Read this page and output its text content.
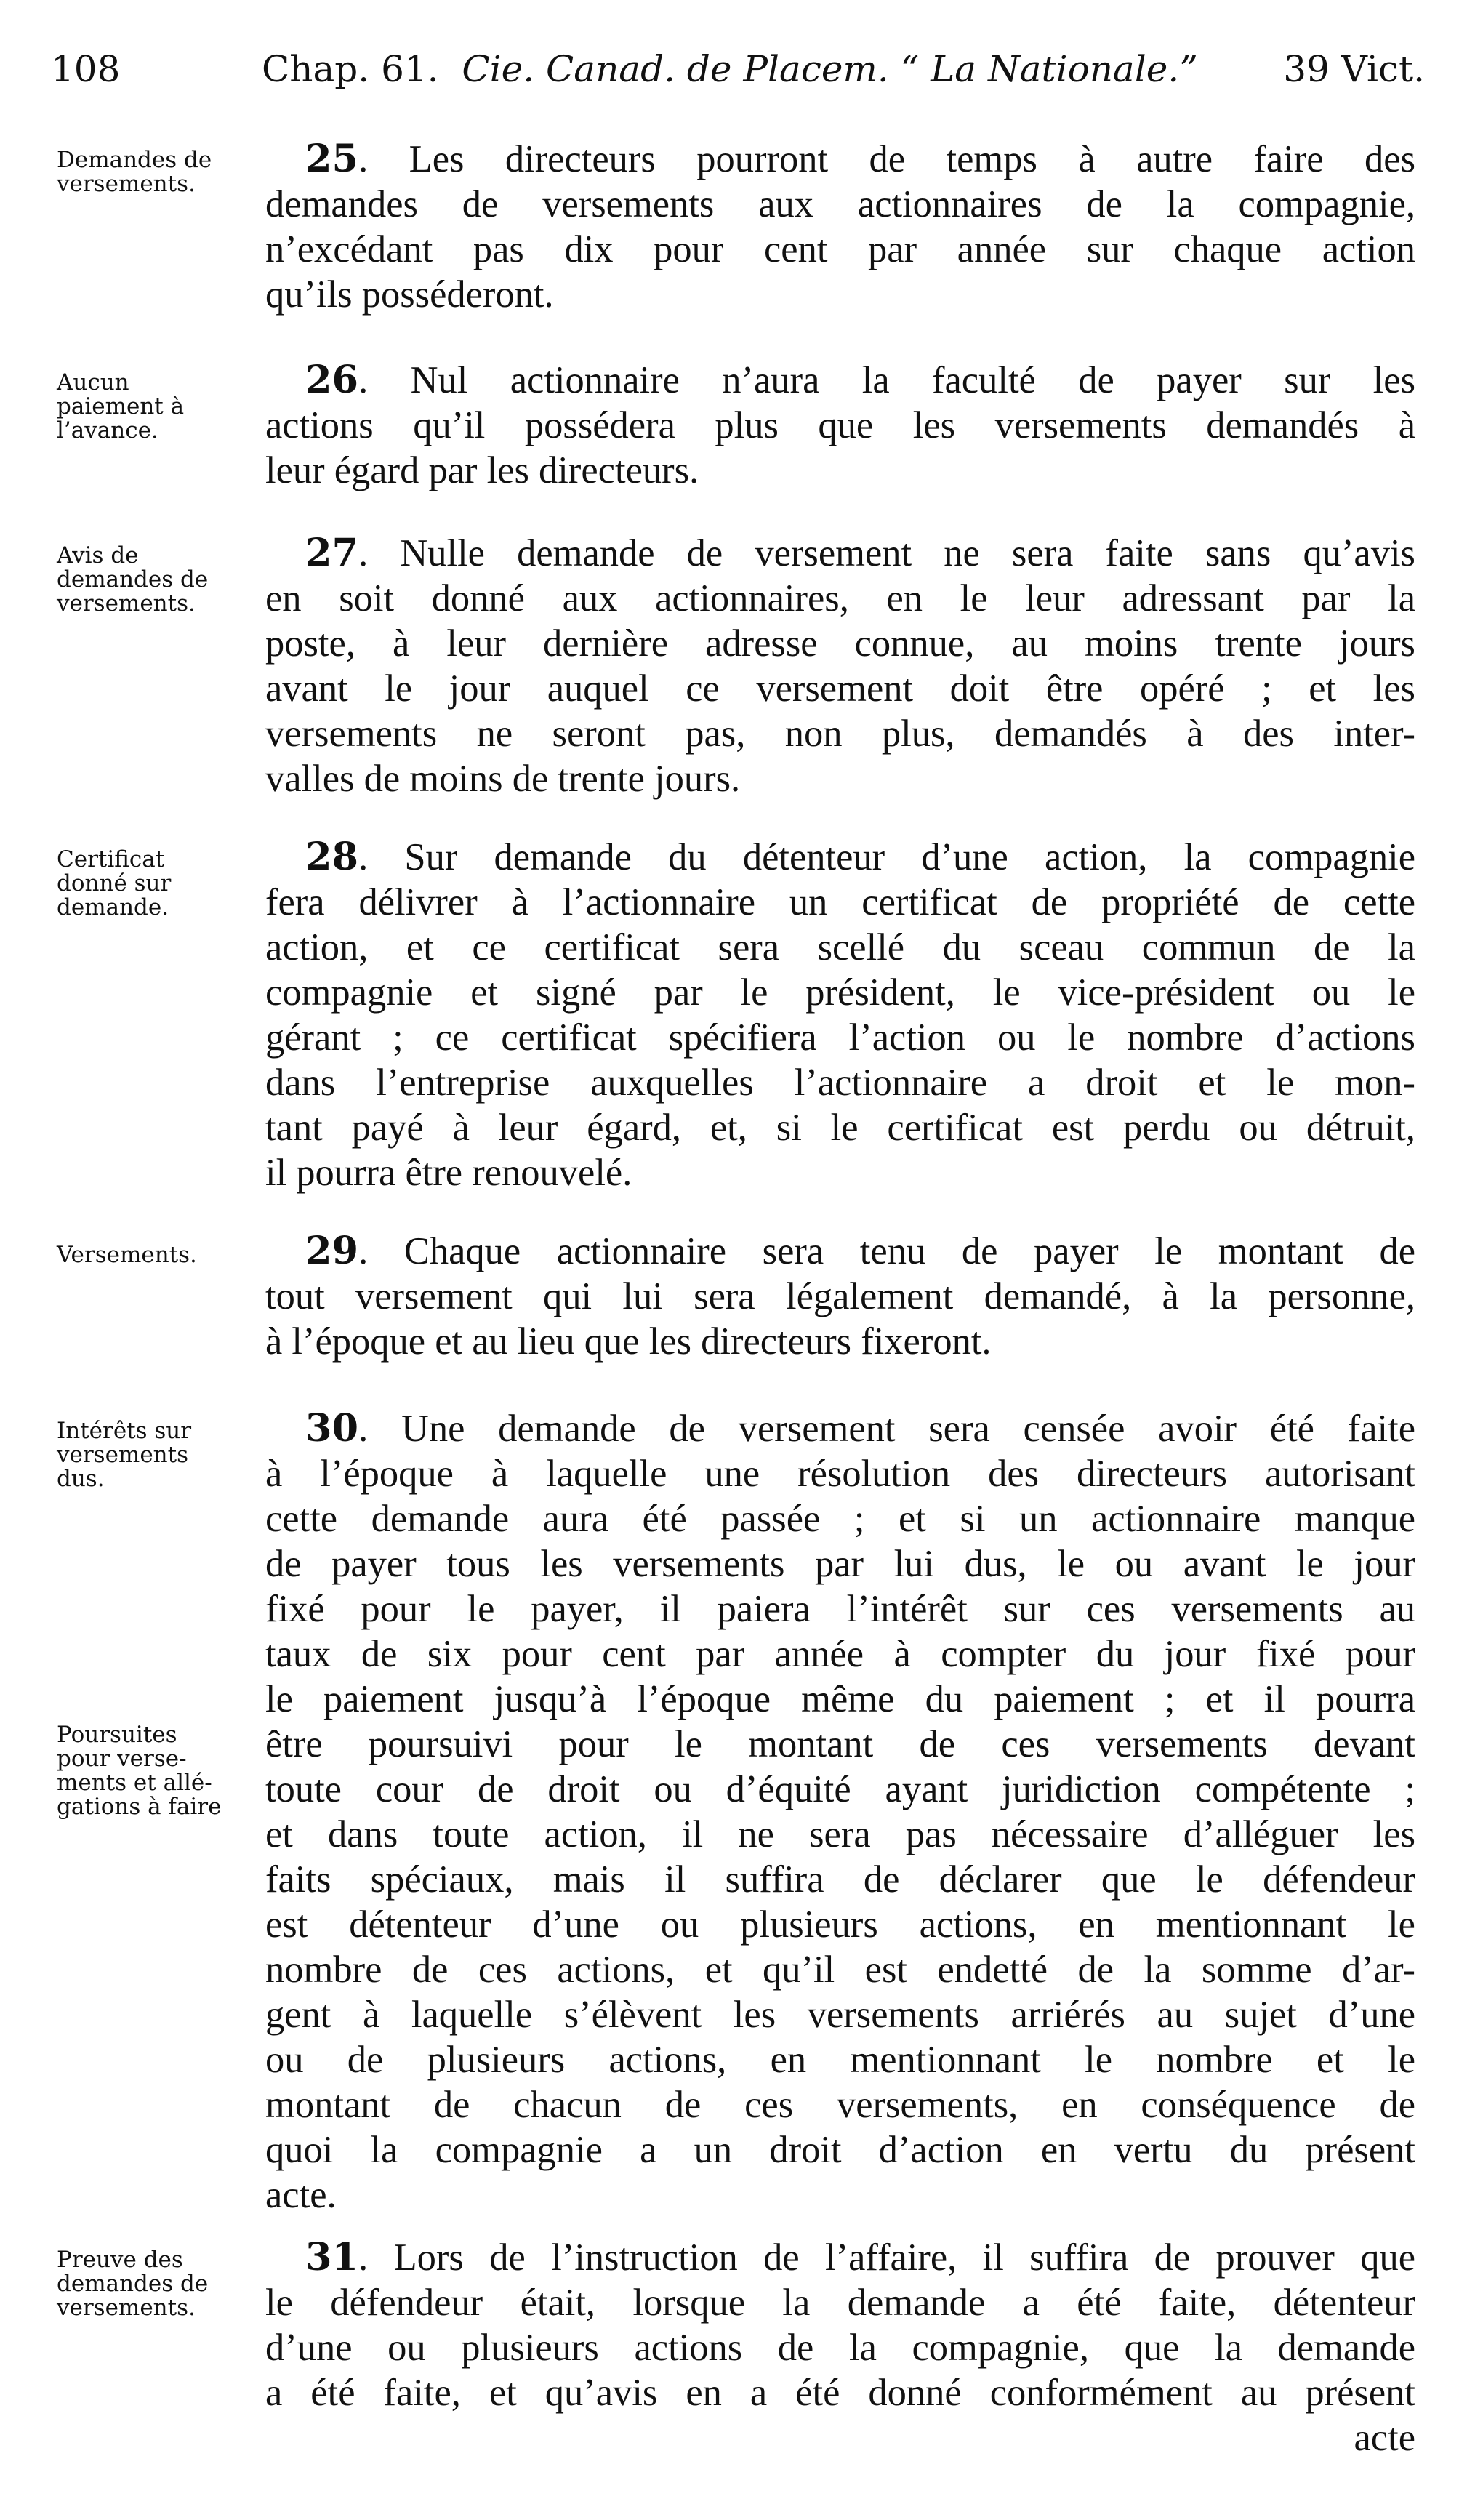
108	Chap. 61. Cie. Canad. de Placem. “ La Nationale.” 39 Vict.
Demandes de
versements.
25. Les directeurs pourront de temps à autre faire des
demandes de versements aux actionnaires de la compagnie,
n’excédant pas dix pour cent par année sur chaque action
qu’ils posséderont.
Aucun
paiement à
l’avance.
26. Nul actionnaire n’aura la faculté de payer sur les
actions qu’il possédera plus que les versements demandés à
leur égard par les directeurs.
Avis de
demandes de
versements.
27. Nulle demande de versement ne sera faite sans qu’avis
en soit donné aux actionnaires, en le leur adressant par la
poste, à leur dernière adresse connue, au moins trente jours
avant le jour auquel ce versement doit être opéré ; et les
versements ne seront pas, non plus, demandés à des inter-
valles de moins de trente jours.
Certificat
donné sur
demande.
28. Sur demande du détenteur d’une action, la compagnie
fera délivrer à l’actionnaire un certificat de propriété de cette
action, et ce certificat sera scellé du sceau commun de la
compagnie et signé par le président, le vice-président ou le
gérant ; ce certificat spécifiera l’action ou le nombre d’actions
dans l’entreprise auxquelles l’actionnaire a droit et le mon-
tant payé à leur égard, et, si le certificat est perdu ou détruit,
il pourra être renouvelé.
Versements.	29. Chaque actionnaire sera tenu de payer le montant de
tout versement qui lui sera légalement demandé, à la personne,
à l’époque et au lieu que les directeurs fixeront.
Intérêts sur
versements
dus.
Poursuites
pour verse-
ments et allé-
gations à faire
30. Une demande de versement sera censée avoir été faite
à l’époque à laquelle une résolution des directeurs autorisant
cette demande aura été passée ; et si un actionnaire manque
de payer tous les versements par lui dus, le ou avant le jour
fixé pour le payer, il paiera l’intérêt sur ces versements au
taux de six pour cent par année à compter du jour fixé pour
le paiement jusqu’à l’époque même du paiement ; et il pourra
être poursuivi pour le montant de ces versements devant
toute cour de droit ou d’équité ayant juridiction compétente ;
et dans toute action, il ne sera pas nécessaire d’alléguer les
faits spéciaux, mais il suffira de déclarer que le défendeur
est détenteur d’une ou plusieurs actions, en mentionnant le
nombre de ces actions, et qu’il est endetté de la somme d’ar-
gent à laquelle s’élèvent les versements arriérés au sujet d’une
ou de plusieurs actions, en mentionnant le nombre et le
montant de chacun de ces versements, en conséquence de
quoi la compagnie a un droit d’action en vertu du présent
acte.
Preuve des
demandes de
versements.
31. Lors de l’instruction de l’affaire, il suffira de prouver que
le défendeur était, lorsque la demande a été faite, détenteur
d’une ou plusieurs actions de la compagnie, que la demande
a été faite, et qu’avis en a été donné conformément au présent
acte
